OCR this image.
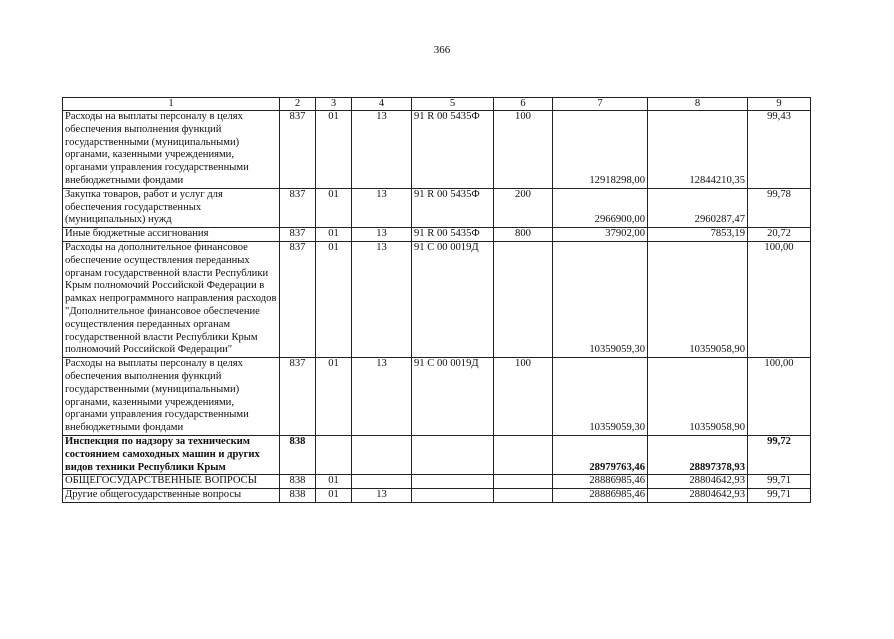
366
1	2	3	4	5	6	7	8	9
Расходы на выплаты персоналу в целях обеспечения выполнения функций государственными (муниципальными) органами, казенными учреждениями, органами управления государственными внебюджетными фондами	837	01	13	91 R 00 5435Ф	100	12918298,00	12844210,35	99,43
Закупка товаров, работ и услуг для обеспечения государственных (муниципальных) нужд	837	01	13	91 R 00 5435Ф	200	2966900,00	2960287,47	99,78
Иные бюджетные ассигнования	837	01	13	91 R 00 5435Ф	800	37902,00	7853,19	20,72
Расходы на дополнительное финансовое обеспечение осуществления переданных органам государственной власти Республики Крым полномочий Российской Федерации в рамках непрограммного направления расходов "Дополнительное финансовое обеспечение осуществления переданных органам государственной власти Республики Крым полномочий Российской Федерации"	837	01	13	91 С 00 0019Д		10359059,30	10359058,90	100,00
Расходы на выплаты персоналу в целях обеспечения выполнения функций государственными (муниципальными) органами, казенными учреждениями, органами управления государственными внебюджетными фондами	837	01	13	91 С 00 0019Д	100	10359059,30	10359058,90	100,00
Инспекция по надзору за техническим состоянием самоходных машин и других видов техники Республики Крым	838					28979763,46	28897378,93	99,72
ОБЩЕГОСУДАРСТВЕННЫЕ ВОПРОСЫ	838	01				28886985,46	28804642,93	99,71
Другие общегосударственные вопросы	838	01	13			28886985,46	28804642,93	99,71
